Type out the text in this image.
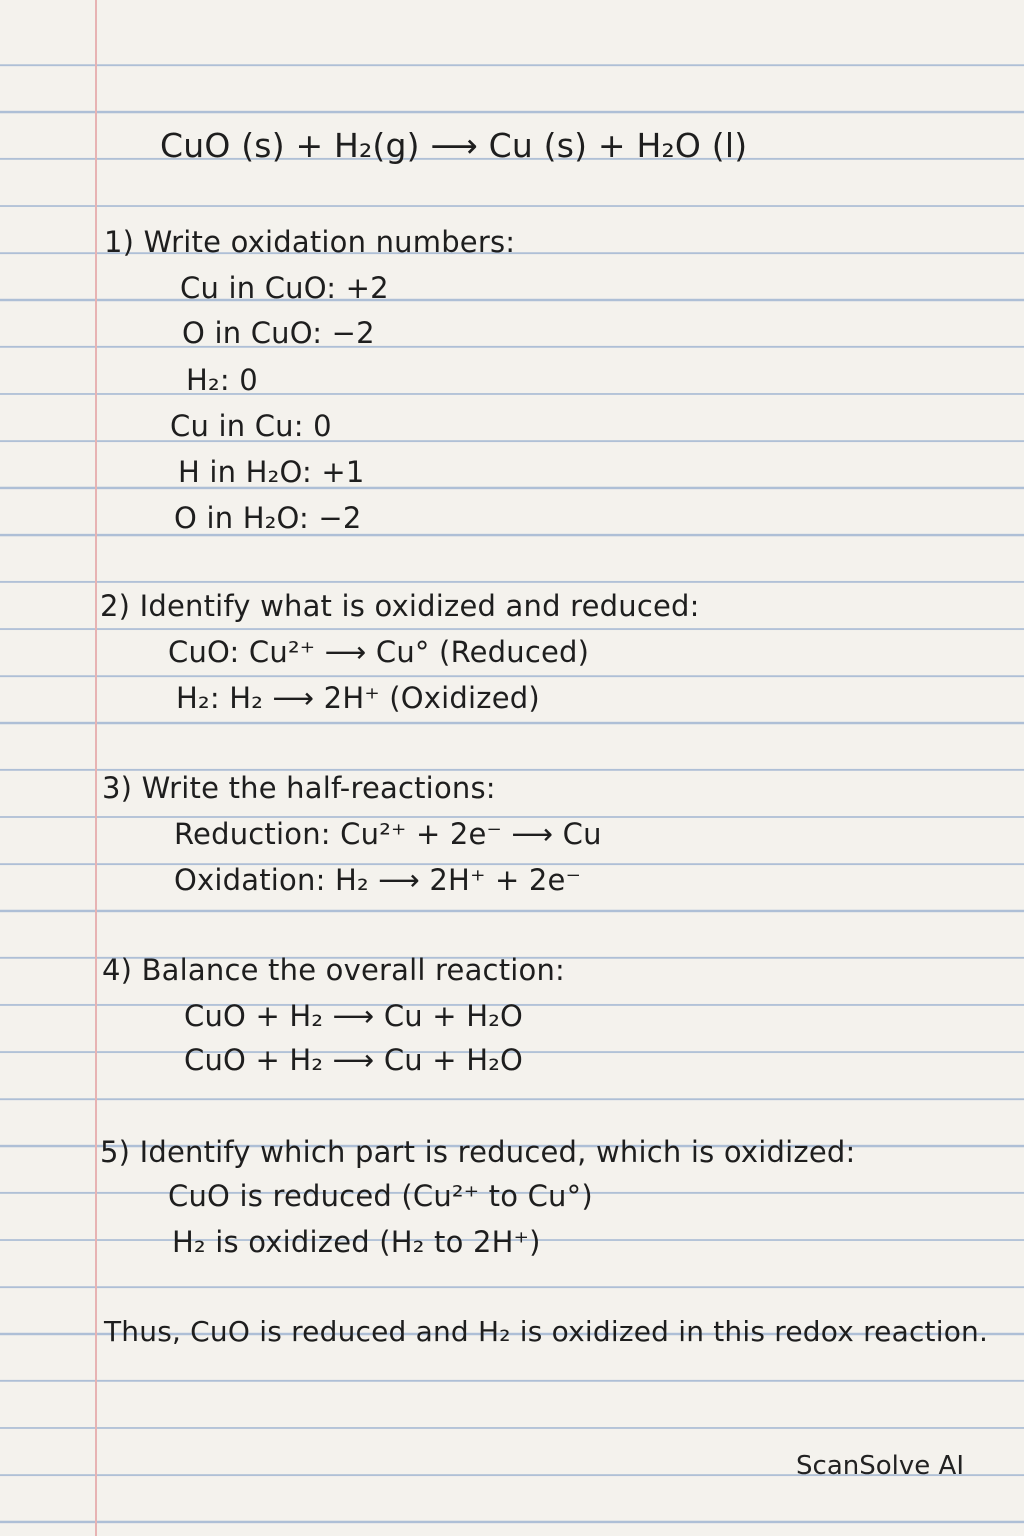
CuO (s) + H₂(g) ⟶ Cu (s) + H₂O (l)
1) Write oxidation numbers:
Cu in CuO: +2
O in CuO: −2
H₂: 0
Cu in Cu: 0
H in H₂O: +1
O in H₂O: −2
2) Identify what is oxidized and reduced:
CuO: Cu²⁺ ⟶ Cu° (Reduced)
H₂: H₂ ⟶ 2H⁺ (Oxidized)
3) Write the half-reactions:
Reduction: Cu²⁺ + 2e⁻ ⟶ Cu
Oxidation: H₂ ⟶ 2H⁺ + 2e⁻
4) Balance the overall reaction:
CuO + H₂ ⟶ Cu + H₂O
CuO + H₂ ⟶ Cu + H₂O
5) Identify which part is reduced, which is oxidized:
CuO is reduced (Cu²⁺ to Cu°)
H₂ is oxidized (H₂ to 2H⁺)
Thus, CuO is reduced and H₂ is oxidized in this redox reaction.
ScanSolve AI
